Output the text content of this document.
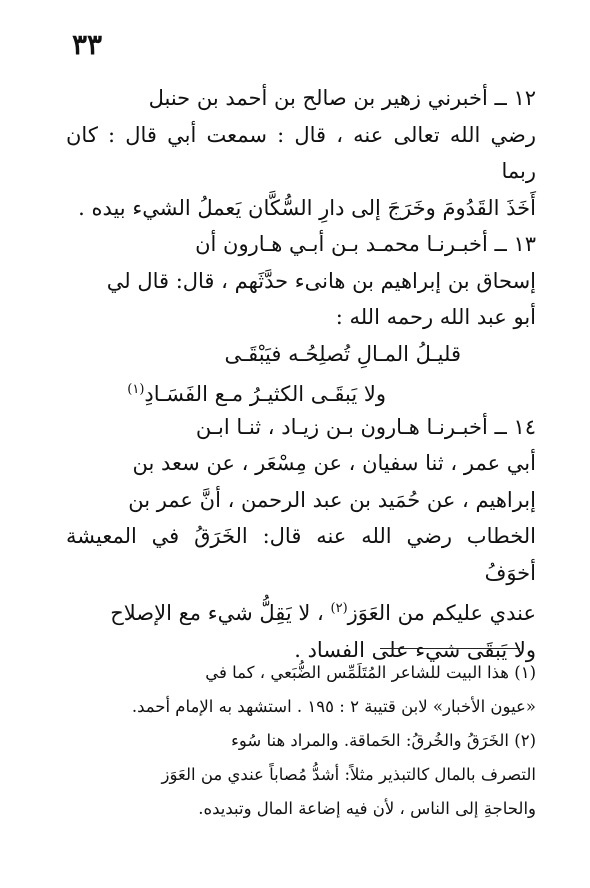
٣٣
١٢ ــ أخبرني زهير بن صالح بن أحمد بن حنبل
رضي الله تعالى عنه ، قال : سمعت أبي قال : كان ربما
أَخَذَ القَدُومَ وخَرَجَ إلى دارِ السُّكَّان يَعملُ الشيء بيده .
١٣ ــ أخبـرنـا محمـد بـن أبـي هـارون أن
إسحاق بن إبراهيم بن هانىء حدَّثَهم ، قال: قال لي
أبو عبد الله رحمه الله :
قليـلُ المـالِ تُصلِحُـه فيَبْقَـى
ولا يَبقَـى الكثيـرُ مـع الفَسَـادِ$^{(١)}$
١٤ ــ أخبـرنـا هـارون بـن زيـاد ، ثنـا ابـن
أبي عمر ، ثنا سفيان ، عن مِسْعَر ، عن سعد بن
إبراهيم ، عن حُمَيد بن عبد الرحمن ، أنَّ عمر بن
الخطاب رضي الله عنه قال: الخَرَقُ في المعيشة أخوَفُ
عندي عليكم من العَوَز$^{(٢)}$ ، لا يَقِلُّ شيء مع الإصلاح
ولا يَبقَى شيء على الفساد .
(١) هذا البيت للشاعر المُتَلَمِّس الضُّبَعي ، كما في
«عيون الأخبار» لابن قتيبة ٢ : ١٩٥ . استشهد به الإمام أحمد.
(٢) الخَرَقُ والخُرقُ: الحَماقة. والمراد هنا سُوء
التصرف بالمال كالتبذير مثلاً: أشدُّ مُصاباً عندي من العَوَز
والحاجةِ إلى الناس ، لأن فيه إضاعة المال وتبديده.
